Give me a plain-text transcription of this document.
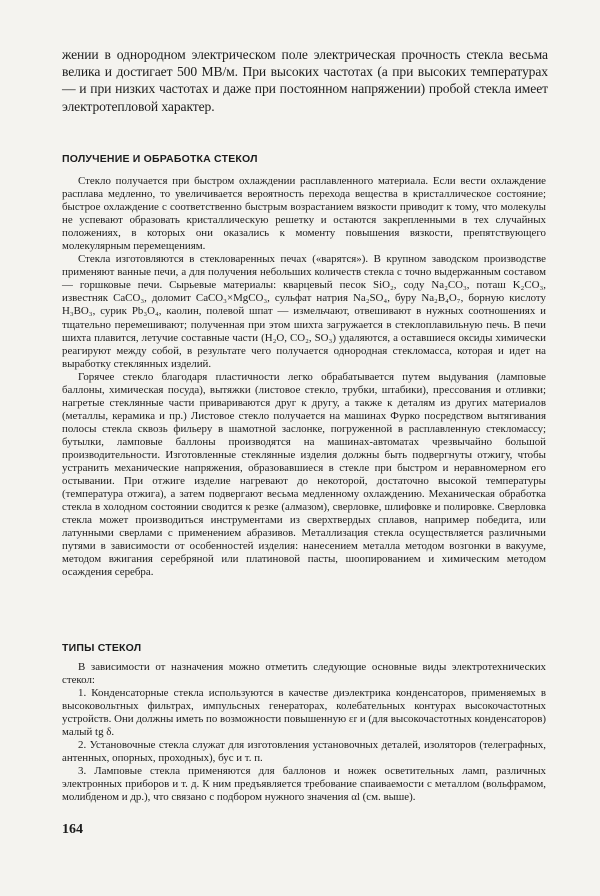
жении в однородном электрическом поле электрическая прочность стекла весьма велика и достигает 500 МВ/м. При высоких частотах (а при высоких температурах — и при низких частотах и даже при постоянном напряжении) пробой стекла имеет электротепловой характер.

ПОЛУЧЕНИЕ И ОБРАБОТКА СТЕКОЛ

Стекло получается при быстром охлаждении расплавленного материала. Если вести охлаждение расплава медленно, то увеличивается вероятность перехода вещества в кристаллическое состояние; быстрое охлаждение с соответственно быстрым возрастанием вязкости приводит к тому, что молекулы не успевают образовать кристаллическую решетку и остаются закрепленными в тех случайных положениях, в которых они оказались к моменту повышения вязкости, препятствующего молекулярным перемещениям.

Стекла изготовляются в стекловаренных печах («варятся»). В крупном заводском производстве применяют ванные печи, а для получения небольших количеств стекла с точно выдержанным составом — горшковые печи. Сырьевые материалы: кварцевый песок SiO₂, соду Na₂CO₃, поташ K₂CO₃, известняк CaCO₃, доломит CaCO₃×MgCO₃, сульфат натрия Na₂SO₄, буру Na₂B₄O₇, борную кислоту H₃BO₃, сурик Pb₃O₄, каолин, полевой шпат — измельчают, отвешивают в нужных соотношениях и тщательно перемешивают; полученная при этом шихта загружается в стеклоплавильную печь. В печи шихта плавится, летучие составные части (H₂O, CO₂, SO₃) удаляются, а оставшиеся оксиды химически реагируют между собой, в результате чего получается однородная стекломасса, которая и идет на выработку стеклянных изделий.

Горячее стекло благодаря пластичности легко обрабатывается путем выдувания (ламповые баллоны, химическая посуда), вытяжки (листовое стекло, трубки, штабики), прессования и отливки; нагретые стеклянные части привариваются друг к другу, а также к деталям из других материалов (металлы, керамика и пр.) Листовое стекло получается на машинах Фурко посредством вытягивания полосы стекла сквозь фильеру в шамотной заслонке, погруженной в расплавленную стекломассу; бутылки, ламповые баллоны производятся на машинах-автоматах чрезвычайно большой производительности. Изготовленные стеклянные изделия должны быть подвергнуты отжигу, чтобы устранить механические напряжения, образовавшиеся в стекле при быстром и неравномерном его остывании. При отжиге изделие нагревают до некоторой, достаточно высокой температуры (температура отжига), а затем подвергают весьма медленному охлаждению. Механическая обработка стекла в холодном состоянии сводится к резке (алмазом), сверловке, шлифовке и полировке. Сверловка стекла может производиться инструментами из сверхтвердых сплавов, например победита, или латунными сверлами с применением абразивов. Металлизация стекла осуществляется различными путями в зависимости от особенностей изделия: нанесением металла методом возгонки в вакууме, методом вжигания серебряной или платиновой пасты, шоопированием и химическим методом осаждения серебра.

ТИПЫ СТЕКОЛ

В зависимости от назначения можно отметить следующие основные виды электротехнических стекол:

1. Конденсаторные стекла используются в качестве диэлектрика конденсаторов, применяемых в высоковольтных фильтрах, импульсных генераторах, колебательных контурах высокочастотных устройств. Они должны иметь по возможности повышенную εr и (для высокочастотных конденсаторов) малый tg δ.

2. Установочные стекла служат для изготовления установочных деталей, изоляторов (телеграфных, антенных, опорных, проходных), бус и т. п.

3. Ламповые стекла применяются для баллонов и ножек осветительных ламп, различных электронных приборов и т. д. К ним предъявляется требование спаиваемости с металлом (вольфрамом, молибденом и др.), что связано с подбором нужного значения αl (см. выше).

164
